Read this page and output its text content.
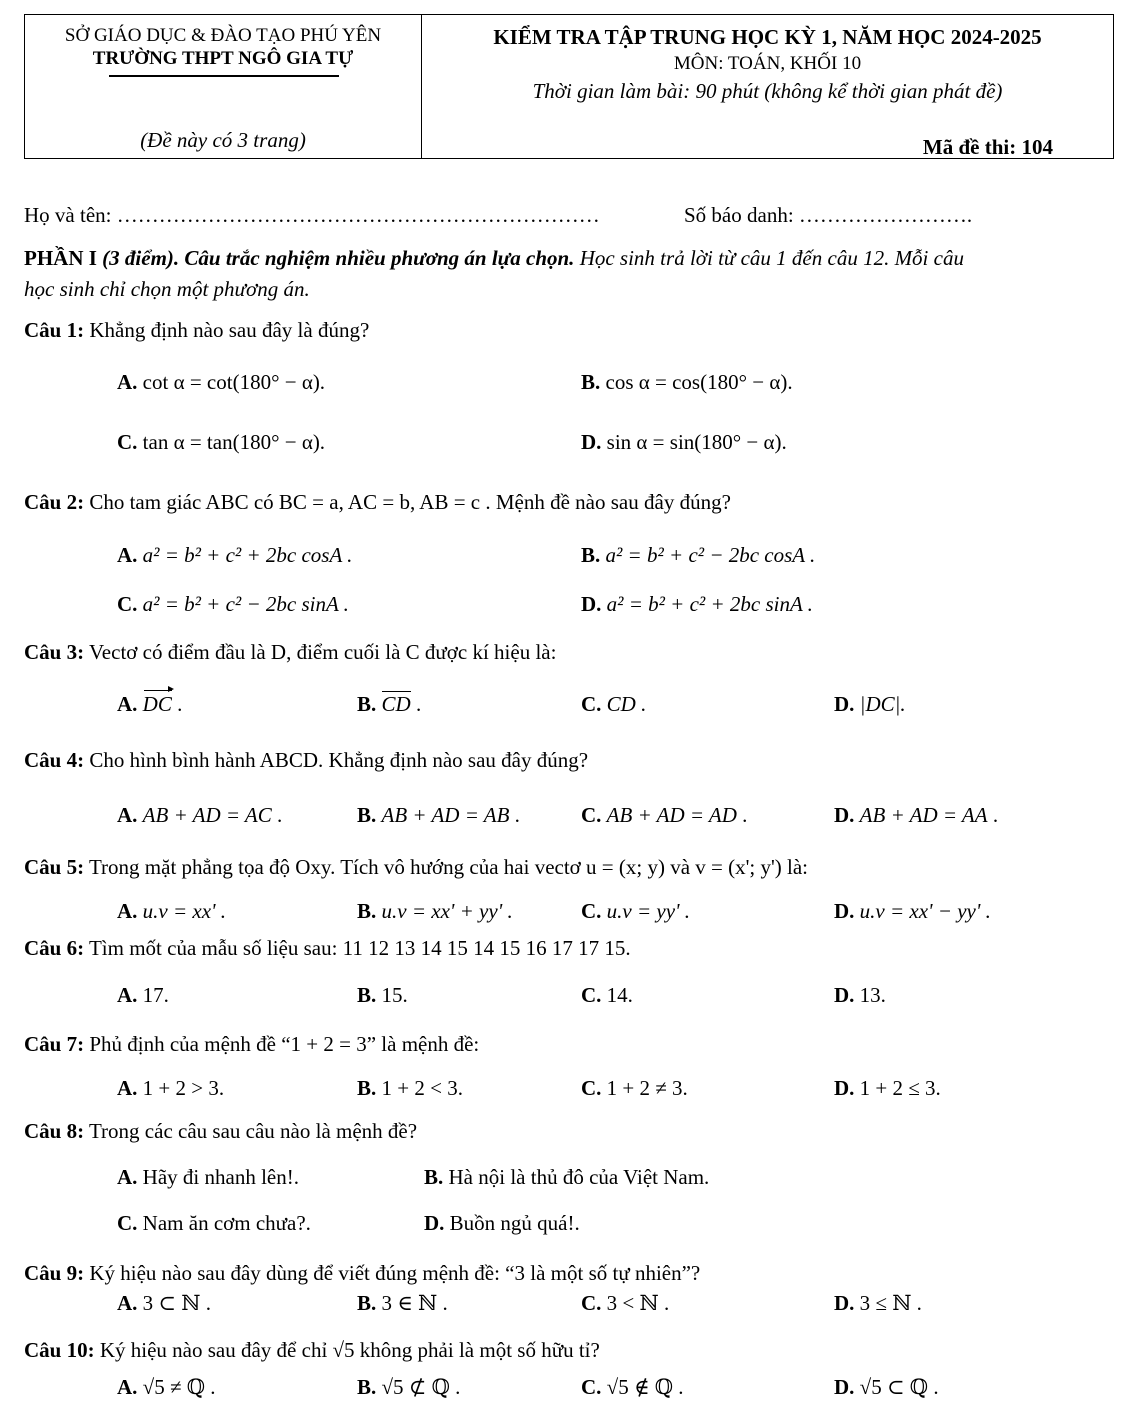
SỞ GIÁO DỤC & ĐÀO TẠO PHÚ YÊN
TRƯỜNG THPT NGÔ GIA TỰ
(Đề này có 3 trang)
KIỂM TRA TẬP TRUNG HỌC KỲ 1, NĂM HỌC 2024-2025
MÔN: TOÁN, KHỐI 10
Thời gian làm bài: 90 phút (không kể thời gian phát đề)
Mã đề thi: 104
Họ và tên: ……………………………………………………………	Số báo danh: …………………….
PHẦN I (3 điểm). Câu trắc nghiệm nhiều phương án lựa chọn. Học sinh trả lời từ câu 1 đến câu 12. Mỗi câu
học sinh chỉ chọn một phương án.
Câu 1: Khẳng định nào sau đây là đúng?
A. cot α = cot(180° − α).	B. cos α = cos(180° − α).
C. tan α = tan(180° − α).	D. sin α = sin(180° − α).
Câu 2: Cho tam giác ABC có BC = a, AC = b, AB = c . Mệnh đề nào sau đây đúng?
A. a² = b² + c² + 2bc cosA .	B. a² = b² + c² − 2bc cosA .
C. a² = b² + c² − 2bc sinA .	D. a² = b² + c² + 2bc sinA .
Câu 3: Vectơ có điểm đầu là D, điểm cuối là C được kí hiệu là:
A. DC .	B. CD .	C. CD .	D. |DC|.
Câu 4: Cho hình bình hành ABCD. Khẳng định nào sau đây đúng?
A. AB + AD = AC .	B. AB + AD = AB .	C. AB + AD = AD .	D. AB + AD = AA .
Câu 5: Trong mặt phẳng tọa độ Oxy. Tích vô hướng của hai vectơ u = (x; y) và v = (x'; y') là:
A. u.v = xx' .	B. u.v = xx' + yy' .	C. u.v = yy' .	D. u.v = xx' − yy' .
Câu 6: Tìm mốt của mẫu số liệu sau: 11 12 13 14 15 14 15 16 17 17 15.
A. 17.	B. 15.	C. 14.	D. 13.
Câu 7: Phủ định của mệnh đề “1 + 2 = 3” là mệnh đề:
A. 1 + 2 > 3.	B. 1 + 2 < 3.	C. 1 + 2 ≠ 3.	D. 1 + 2 ≤ 3.
Câu 8: Trong các câu sau câu nào là mệnh đề?
A. Hãy đi nhanh lên!.	B. Hà nội là thủ đô của Việt Nam.
C. Nam ăn cơm chưa?.	D. Buồn ngủ quá!.
Câu 9: Ký hiệu nào sau đây dùng để viết đúng mệnh đề: “3 là một số tự nhiên”?
A. 3 ⊂ ℕ .	B. 3 ∈ ℕ .	C. 3 < ℕ .	D. 3 ≤ ℕ .
Câu 10: Ký hiệu nào sau đây để chỉ √5 không phải là một số hữu tỉ?
A. √5 ≠ ℚ .	B. √5 ⊄ ℚ .	C. √5 ∉ ℚ .	D. √5 ⊂ ℚ .
